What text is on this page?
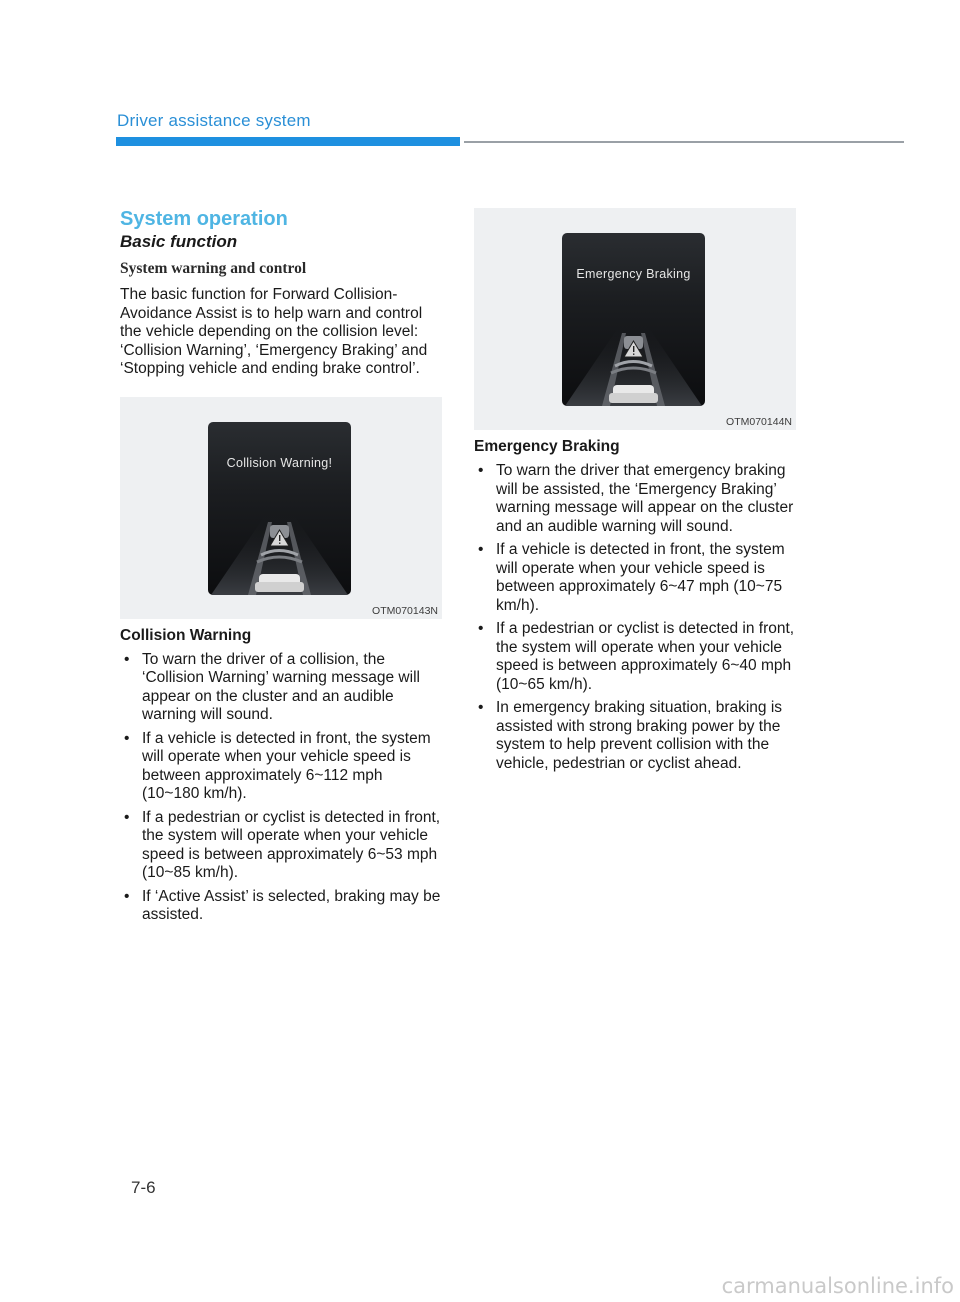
Driver assistance system
System operation
Basic function
System warning and control

The basic function for Forward Collision-Avoidance Assist is to help warn and control the vehicle depending on the collision level: ‘Collision Warning’, ‘Emergency Braking’ and ‘Stopping vehicle and ending brake control’.

Collision Warning!
OTM070143N
Collision Warning
• To warn the driver of a collision, the ‘Collision Warning’ warning message will appear on the cluster and an audible warning will sound.
• If a vehicle is detected in front, the system will operate when your vehicle speed is between approximately 6~112 mph (10~180 km/h).
• If a pedestrian or cyclist is detected in front, the system will operate when your vehicle speed is between approximately 6~53 mph (10~85 km/h).
• If ‘Active Assist’ is selected, braking may be assisted.
Emergency Braking
OTM070144N
Emergency Braking
• To warn the driver that emergency braking will be assisted, the ‘Emergency Braking’ warning message will appear on the cluster and an audible warning will sound.
• If a vehicle is detected in front, the system will operate when your vehicle speed is between approximately 6~47 mph (10~75 km/h).
• If a pedestrian or cyclist is detected in front, the system will operate when your vehicle speed is between approximately 6~40 mph (10~65 km/h).
• In emergency braking situation, braking is assisted with strong braking power by the system to help prevent collision with the vehicle, pedestrian or cyclist ahead.
7-6
carmanualsonline.info
